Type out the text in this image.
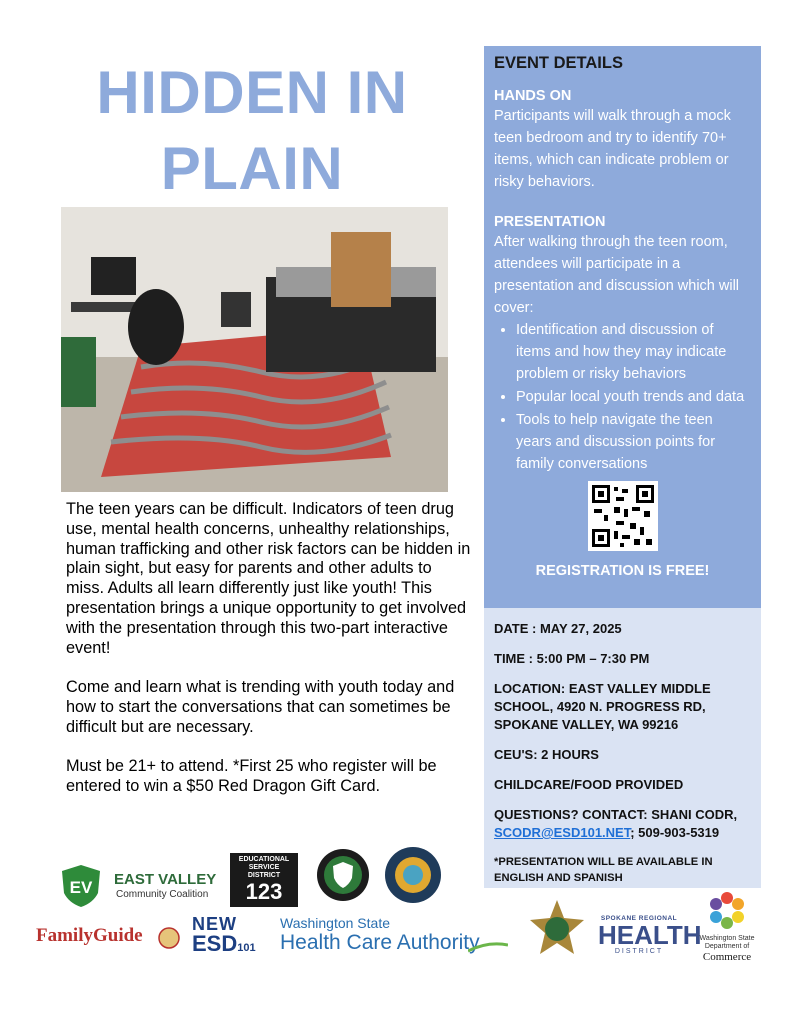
HIDDEN IN
PLAIN

The teen years can be difficult. Indicators of teen drug use, mental health concerns, unhealthy relationships, human trafficking and other risk factors can be hidden in plain sight, but easy for parents and other adults to miss. Adults all learn differently just like youth! This presentation brings a unique opportunity to get involved with the presentation through this two-part interactive event!

Come and learn what is trending with youth today and how to start the conversations that can sometimes be difficult but are necessary.

Must be 21+ to attend. *First 25 who register will be entered to win a $50 Red Dragon Gift Card.

EVENT DETAILS
HANDS ON

Participants will walk through a mock teen bedroom and try to identify 70+ items, which can indicate problem or risky behaviors.

PRESENTATION

After walking through the teen room, attendees will participate in a presentation and discussion which will cover:

• Identification and discussion of items and how they may indicate problem or risky behaviors
• Popular local youth trends and data
• Tools to help navigate the teen years and discussion points for family conversations
REGISTRATION IS FREE!
DATE : MAY 27, 2025
TIME : 5:00 PM – 7:30 PM
LOCATION: EAST VALLEY MIDDLE SCHOOL, 4920 N. PROGRESS RD, SPOKANE VALLEY, WA 99216
CEU'S: 2 HOURS
CHILDCARE/FOOD PROVIDED
QUESTIONS? CONTACT: SHANI CODR,
SCODR@ESD101.NET; 509-903-5319
*PRESENTATION WILL BE AVAILABLE IN ENGLISH AND SPANISH
EV EAST VALLEY
Community Coalition
EDUCATIONAL SERVICE DISTRICT
123
FamilyGuide
NEW
ESD101
Washington State
Health Care Authority
SPOKANE REGIONAL
HEALTH
DISTRICT
Washington State
Department of
Commerce
